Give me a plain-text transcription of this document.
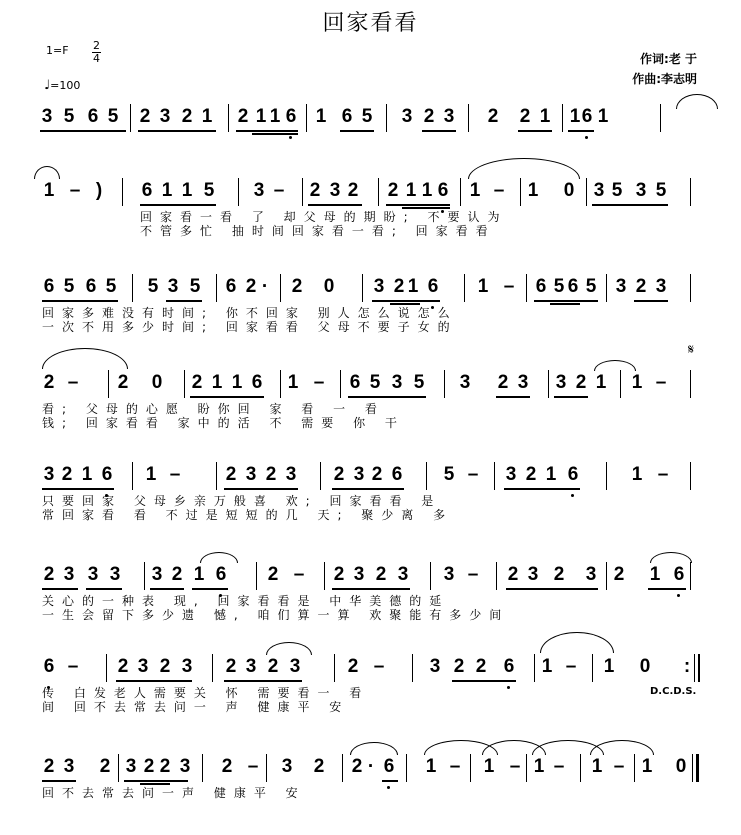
回家看看
1=F 2
4
♩=100
作词:老 于
作曲:李志明
3 5 6 5 2 3 2 1 2 1 1 6 1 6 5 3 2 3 2 2 1 1 6 1
1 – ) 6 1 1 5 3 – 2 3 2 2 1 1 6 1 – 1 0 3 5 3 5
回家看一看 了 却父母的期盼; 不要认为
不管多忙 抽时间回家看一看; 回家看看
6 5 6 5 5 3 5 6 2 · 2 0 3 2 1 6 1 – 6 5 6 5 3 2 3
回家多难没有时间; 你不回家 别人怎么说怎么
一次不用多少时间; 回家看看 父母不要子女的
2 – 2 0 2 1 1 6 1 – 6 5 3 5 3 2 3 3 2 1 1 –
𝄋
看; 父母的心愿 盼你回 家 看 一 看
钱; 回家看看 家中的活 不 需要 你 干
3 2 1 6 1 – 2 3 2 3 2 3 2 6 5 – 3 2 1 6	1 –
只要回家 父母乡亲万般喜 欢; 回家看看 是
常回家看 看 不过是短短的几 天; 聚少离 多
2 3 3 3 3 2 1 6 2 – 2 3 2 3 3 – 2 3 2 3 2 1 6
关心的一种表 现, 回家看看是 中华美德的延
一生会留下多少遗 憾, 咱们算一算 欢聚能有多少间
6 – 2 3 2 3 2 3 2 3 2 – 3 2 2 6 1 – 1 0 :
D.C.D.S.
传 白发老人需要关 怀 需要看一 看
间 回不去常去问一 声 健康平 安
2 3 2 3 2 2 3 2 – 3 2 2 · 6 1 – 1 – 1 – 1 – 1 0
回不去常去问一声 健康平 安
